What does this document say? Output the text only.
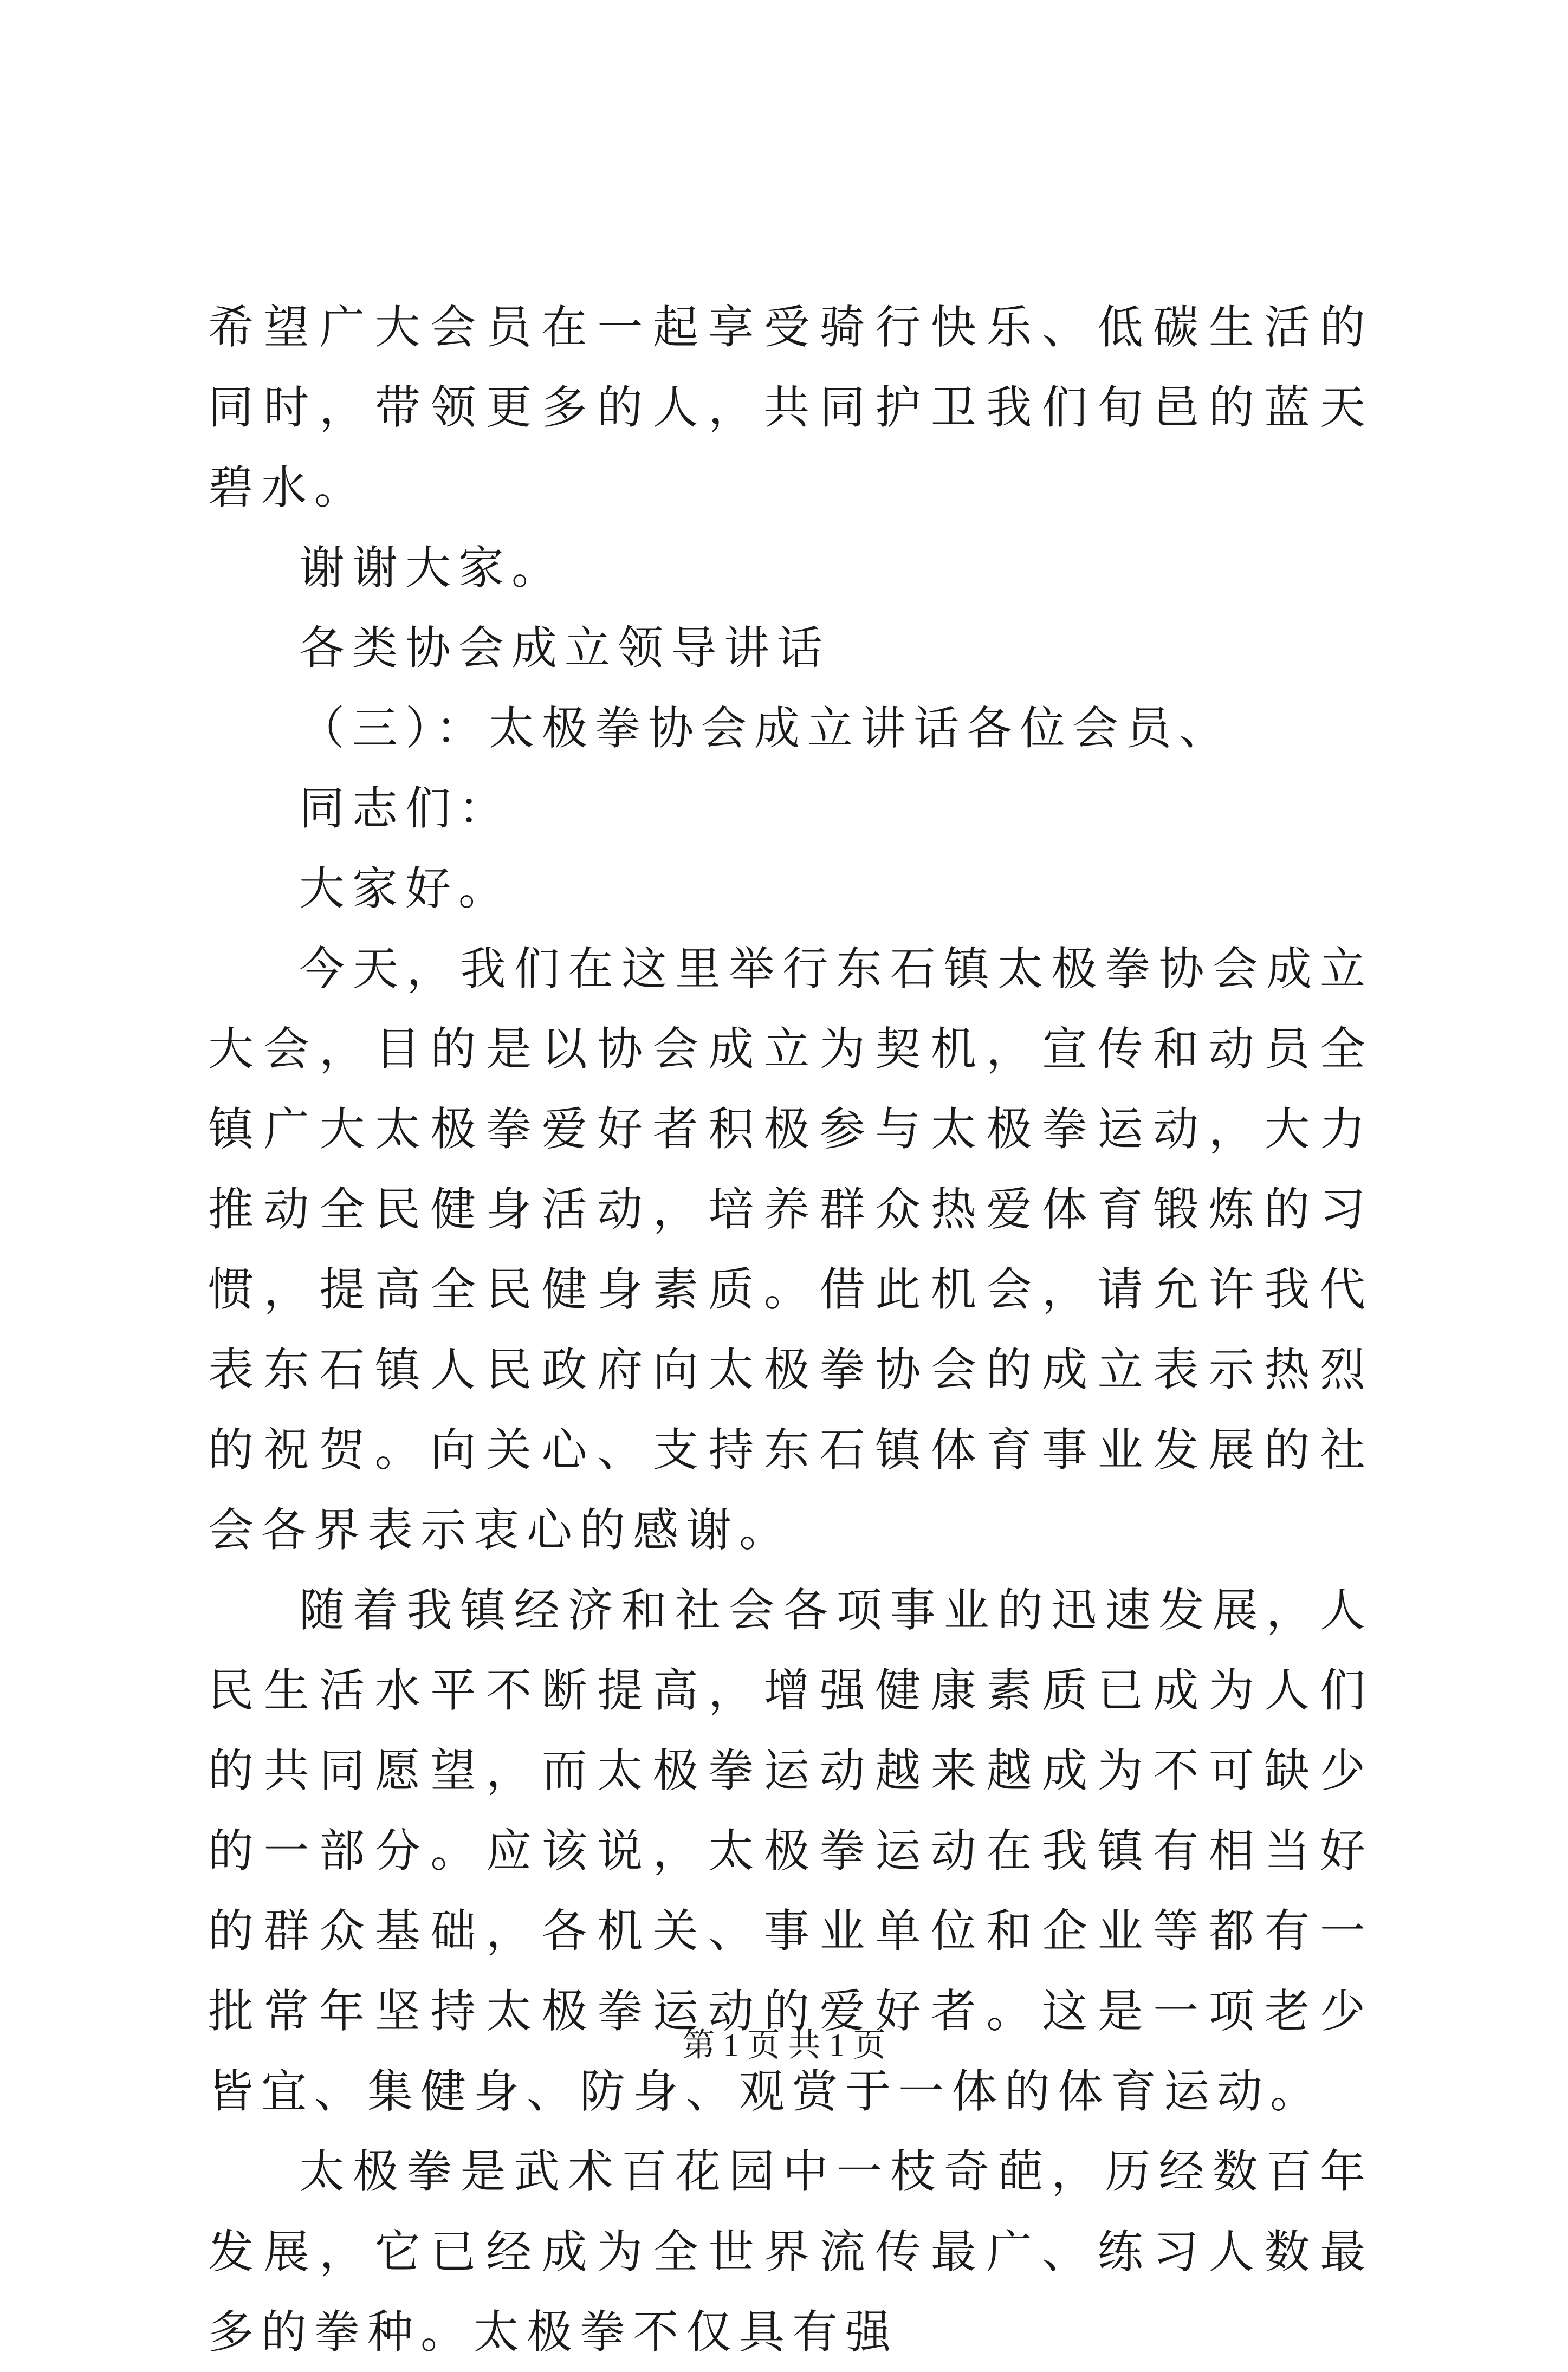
希望广大会员在一起享受骑行快乐、低碳生活的同时，带领更多的人，共同护卫我们旬邑的蓝天碧水。

谢谢大家。

各类协会成立领导讲话

（三）：太极拳协会成立讲话各位会员、

同志们：

大家好。

今天，我们在这里举行东石镇太极拳协会成立大会，目的是以协会成立为契机，宣传和动员全镇广大太极拳爱好者积极参与太极拳运动，大力推动全民健身活动，培养群众热爱体育锻炼的习惯，提高全民健身素质。借此机会，请允许我代表东石镇人民政府向太极拳协会的成立表示热烈的祝贺。向关心、支持东石镇体育事业发展的社会各界表示衷心的感谢。

随着我镇经济和社会各项事业的迅速发展，人民生活水平不断提高，增强健康素质已成为人们的共同愿望，而太极拳运动越来越成为不可缺少的一部分。应该说，太极拳运动在我镇有相当好的群众基础，各机关、事业单位和企业等都有一批常年坚持太极拳运动的爱好者。这是一项老少皆宜、集健身、防身、观赏于一体的体育运动。

太极拳是武术百花园中一枝奇葩，历经数百年发展，它已经成为全世界流传最广、练习人数最多的拳种。太极拳不仅具有强

第 1 页 共 1 页
